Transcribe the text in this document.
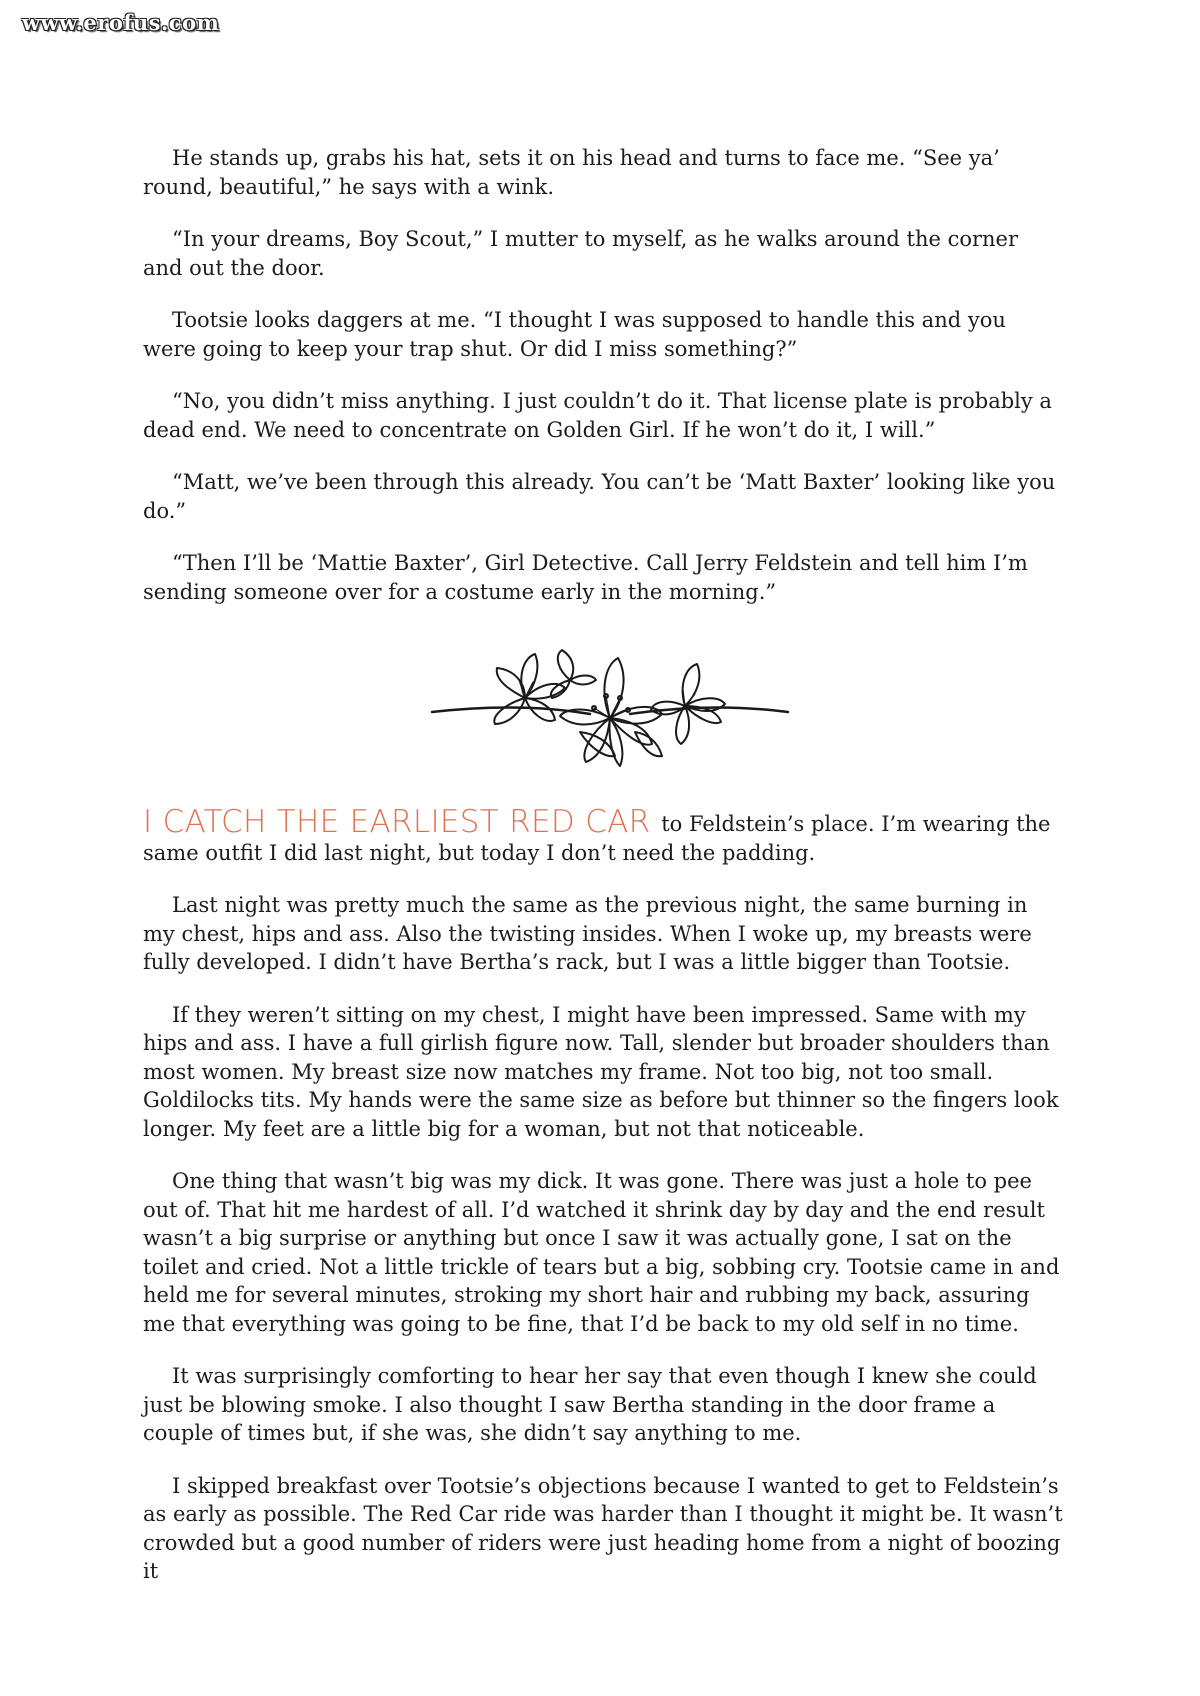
www.erofus.com

He stands up, grabs his hat, sets it on his head and turns to face me. “See ya’ round, beautiful,” he says with a wink.

“In your dreams, Boy Scout,” I mutter to myself, as he walks around the corner and out the door.

Tootsie looks daggers at me. “I thought I was supposed to handle this and you were going to keep your trap shut. Or did I miss something?”

“No, you didn’t miss anything. I just couldn’t do it. That license plate is probably a dead end. We need to concentrate on Golden Girl. If he won’t do it, I will.”

“Matt, we’ve been through this already. You can’t be ‘Matt Baxter’ looking like you do.”

“Then I’ll be ‘Mattie Baxter’, Girl Detective. Call Jerry Feldstein and tell him I’m sending someone over for a costume early in the morning.”

I CATCH THE EARLIEST RED CAR to Feldstein’s place. I’m wearing the same outfit I did last night, but today I don’t need the padding.

Last night was pretty much the same as the previous night, the same burning in my chest, hips and ass. Also the twisting insides. When I woke up, my breasts were fully developed. I didn’t have Bertha’s rack, but I was a little bigger than Tootsie.

If they weren’t sitting on my chest, I might have been impressed. Same with my hips and ass. I have a full girlish figure now. Tall, slender but broader shoulders than most women. My breast size now matches my frame. Not too big, not too small. Goldilocks tits. My hands were the same size as before but thinner so the fingers look longer. My feet are a little big for a woman, but not that noticeable.

One thing that wasn’t big was my dick. It was gone. There was just a hole to pee out of. That hit me hardest of all. I’d watched it shrink day by day and the end result wasn’t a big surprise or anything but once I saw it was actually gone, I sat on the toilet and cried. Not a little trickle of tears but a big, sobbing cry. Tootsie came in and held me for several minutes, stroking my short hair and rubbing my back, assuring me that everything was going to be fine, that I’d be back to my old self in no time.

It was surprisingly comforting to hear her say that even though I knew she could just be blowing smoke. I also thought I saw Bertha standing in the door frame a couple of times but, if she was, she didn’t say anything to me.

I skipped breakfast over Tootsie’s objections because I wanted to get to Feldstein’s as early as possible. The Red Car ride was harder than I thought it might be. It wasn’t crowded but a good number of riders were just heading home from a night of boozing it
